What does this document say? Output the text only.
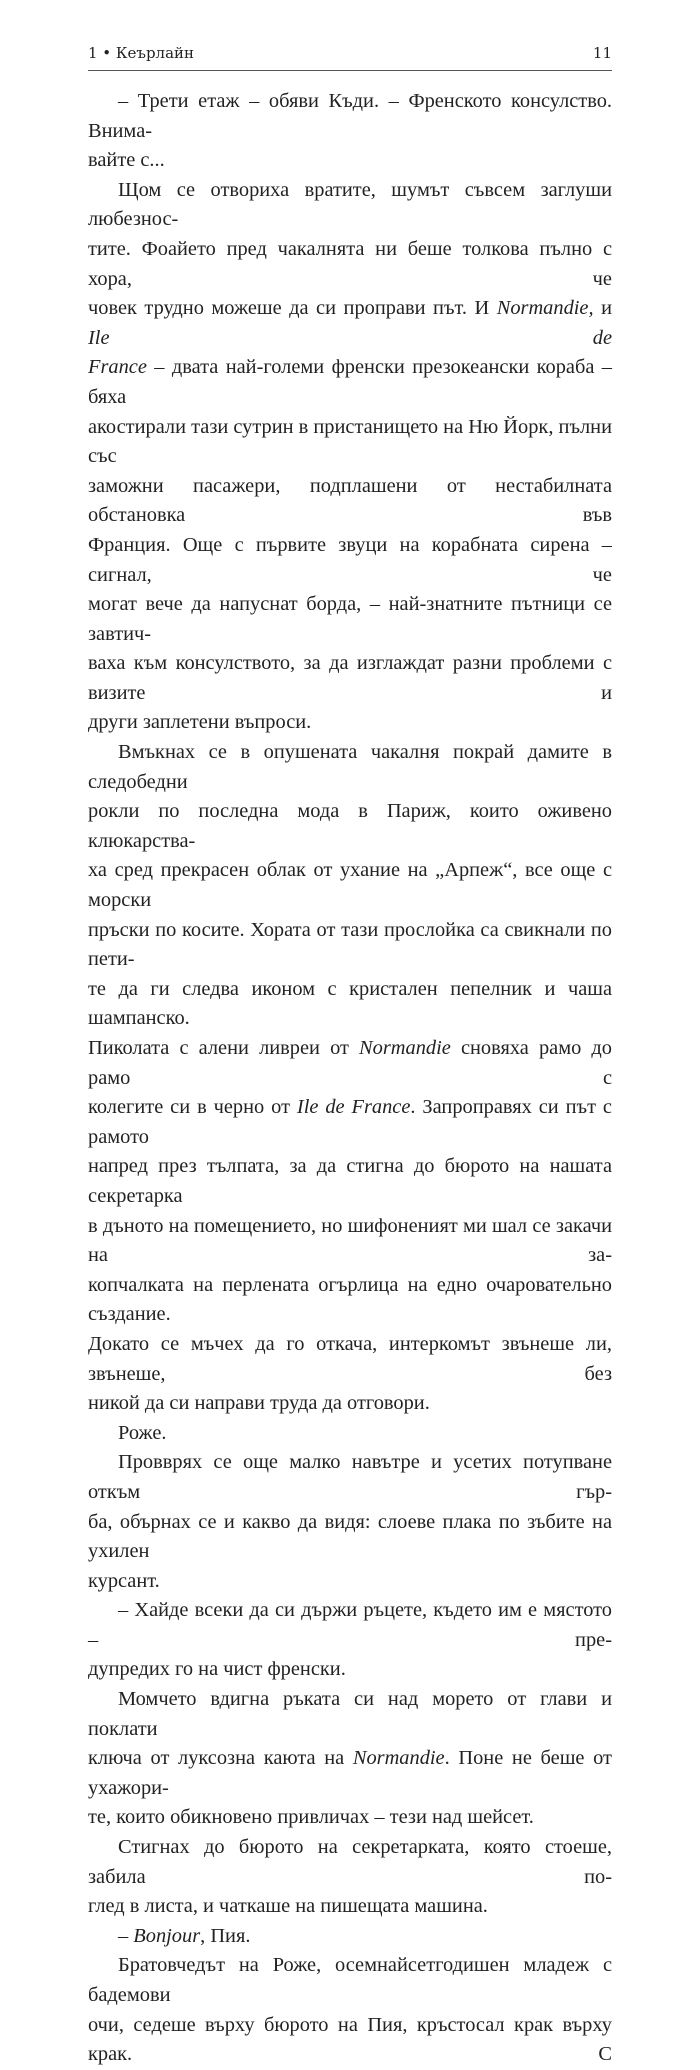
1 • Кеърлайн	11
– Трети етаж – обяви Къди. – Френското консулство. Внима-
вайте с...
Щом се отвориха вратите, шумът съвсем заглуши любезнос-
тите. Фоайето пред чакалнята ни беше толкова пълно с хора, че
човек трудно можеше да си проправи път. И Normandie, и Ile de
France – двата най-големи френски презокеански кораба – бяха
акостирали тази сутрин в пристанището на Ню Йорк, пълни със
заможни пасажери, подплашени от нестабилната обстановка във
Франция. Още с първите звуци на корабната сирена – сигнал, че
могат вече да напуснат борда, – най-знатните пътници се завтич-
ваха към консулството, за да изглаждат разни проблеми с визите и
други заплетени въпроси.
Вмъкнах се в опушената чакалня покрай дамите в следобедни
рокли по последна мода в Париж, които оживено клюкарства-
ха сред прекрасен облак от ухание на „Арпеж“, все още с морски
пръски по косите. Хората от тази прослойка са свикнали по пети-
те да ги следва иконом с кристален пепелник и чаша шампанско.
Пиколата с алени ливреи от Normandie сновяха рамо до рамо с
колегите си в черно от Ile de France. Запроправях си път с рамото
напред през тълпата, за да стигна до бюрото на нашата секретарка
в дъното на помещението, но шифоненият ми шал се закачи на за-
копчалката на перлената огърлица на едно очаровательно създание.
Докато се мъчех да го откача, интеркомът звънеше ли, звънеше, без
никой да си направи труда да отговори.
Роже.
Провврях се още малко навътре и усетих потупване откъм гър-
ба, обърнах се и какво да видя: слоеве плака по зъбите на ухилен
курсант.
– Хайде всеки да си държи ръцете, където им е мястото – пре-
дупредих го на чист френски.
Момчето вдигна ръката си над морето от глави и поклати
ключа от луксозна каюта на Normandie. Поне не беше от ухажори-
те, които обикновено привличах – тези над шейсет.
Стигнах до бюрото на секретарката, която стоеше, забила по-
глед в листа, и чаткаше на пишещата машина.
– Bonjour, Пия.
Братовчедът на Роже, осемнайсетгодишен младеж с бадемови
очи, седеше върху бюрото на Пия, кръстосал крак върху крак. С
